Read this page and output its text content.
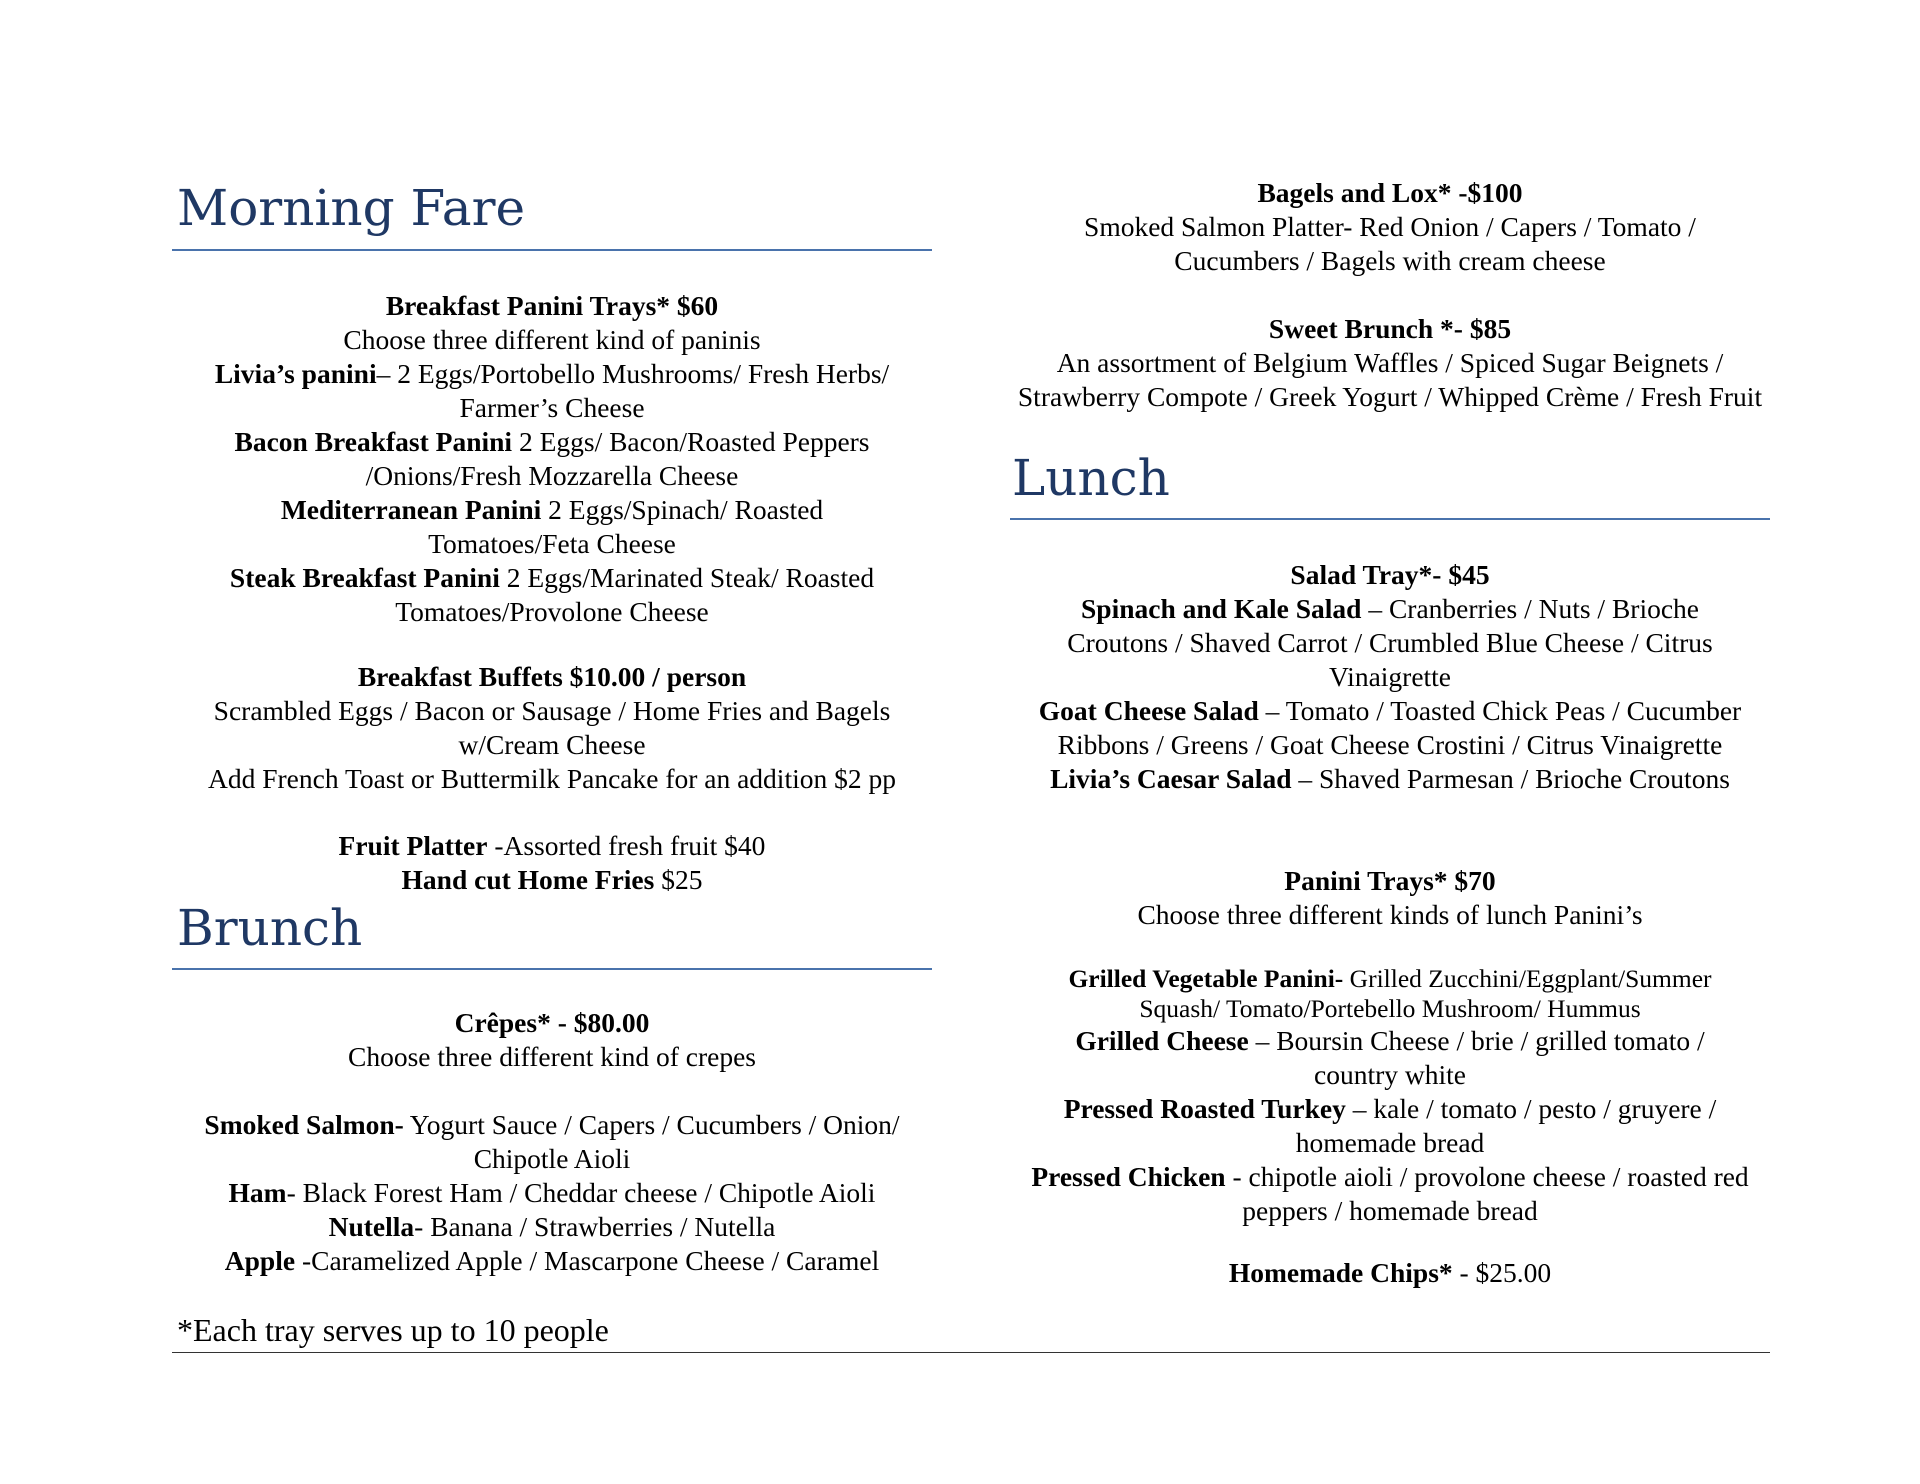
Morning Fare
Breakfast Panini Trays* $60
Choose three different kind of paninis
Livia’s panini– 2 Eggs/Portobello Mushrooms/ Fresh Herbs/ Farmer’s Cheese
Bacon Breakfast Panini 2 Eggs/ Bacon/Roasted Peppers /Onions/Fresh Mozzarella Cheese
Mediterranean Panini 2 Eggs/Spinach/ Roasted Tomatoes/Feta Cheese
Steak Breakfast Panini 2 Eggs/Marinated Steak/ Roasted Tomatoes/Provolone Cheese
Breakfast Buffets $10.00 / person
Scrambled Eggs / Bacon or Sausage / Home Fries and Bagels w/Cream Cheese
Add French Toast or Buttermilk Pancake for an addition $2 pp
Fruit Platter -Assorted fresh fruit $40
Hand cut Home Fries $25
Brunch
Crêpes* - $80.00
Choose three different kind of crepes
Smoked Salmon- Yogurt Sauce / Capers / Cucumbers / Onion/ Chipotle Aioli
Ham- Black Forest Ham / Cheddar cheese / Chipotle Aioli
Nutella- Banana / Strawberries / Nutella
Apple -Caramelized Apple / Mascarpone Cheese / Caramel
Bagels and Lox* -$100
Smoked Salmon Platter- Red Onion / Capers / Tomato / Cucumbers / Bagels with cream cheese
Sweet Brunch *- $85
An assortment of Belgium Waffles / Spiced Sugar Beignets / Strawberry Compote / Greek Yogurt / Whipped Crème / Fresh Fruit
Lunch
Salad Tray*- $45
Spinach and Kale Salad – Cranberries / Nuts / Brioche Croutons / Shaved Carrot / Crumbled Blue Cheese / Citrus Vinaigrette
Goat Cheese Salad – Tomato / Toasted Chick Peas / Cucumber Ribbons / Greens / Goat Cheese Crostini / Citrus Vinaigrette
Livia’s Caesar Salad – Shaved Parmesan / Brioche Croutons
Panini Trays* $70
Choose three different kinds of lunch Panini’s
Grilled Vegetable Panini- Grilled Zucchini/Eggplant/Summer Squash/ Tomato/Portebello Mushroom/ Hummus
Grilled Cheese – Boursin Cheese / brie / grilled tomato / country white
Pressed Roasted Turkey – kale / tomato / pesto / gruyere / homemade bread
Pressed Chicken - chipotle aioli / provolone cheese / roasted red peppers / homemade bread
Homemade Chips* - $25.00
*Each tray serves up to 10 people
